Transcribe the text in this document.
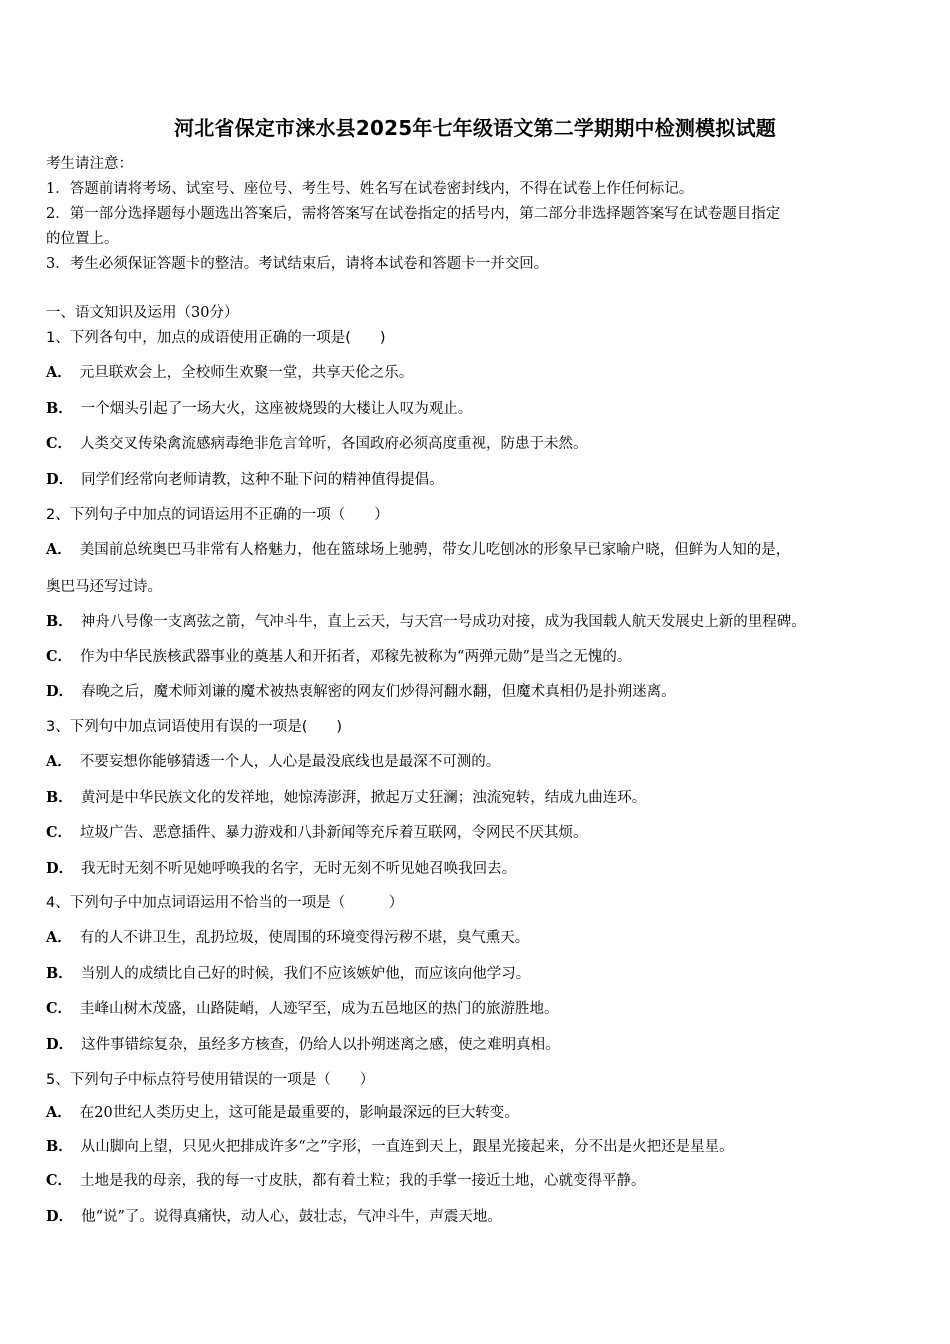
河北省保定市涞水县2025年七年级语文第二学期期中检测模拟试题
考生请注意：
1．答题前请将考场、试室号、座位号、考生号、姓名写在试卷密封线内，不得在试卷上作任何标记。
2．第一部分选择题每小题选出答案后，需将答案写在试卷指定的括号内，第二部分非选择题答案写在试卷题目指定
的位置上。
3．考生必须保证答题卡的整洁。考试结束后，请将本试卷和答题卡一并交回。
一、语文知识及运用（30分）
1、下列各句中，加点的成语使用正确的一项是(　　)
A． 元旦联欢会上，全校师生欢聚一堂，共享天伦之乐。
B． 一个烟头引起了一场大火，这座被烧毁的大楼让人叹为观止。
C． 人类交叉传染禽流感病毒绝非危言耸听，各国政府必须高度重视，防患于未然。
D． 同学们经常向老师请教，这种不耻下问的精神值得提倡。
2、下列句子中加点的词语运用不正确的一项（　　）
A． 美国前总统奥巴马非常有人格魅力，他在篮球场上驰骋，带女儿吃刨冰的形象早已家喻户晓，但鲜为人知的是，
奥巴马还写过诗。
B． 神舟八号像一支离弦之箭，气冲斗牛，直上云天，与天宫一号成功对接，成为我国载人航天发展史上新的里程碑。
C． 作为中华民族核武器事业的奠基人和开拓者，邓稼先被称为“两弹元勋”是当之无愧的。
D． 春晚之后，魔术师刘谦的魔术被热衷解密的网友们炒得河翻水翻，但魔术真相仍是扑朔迷离。
3、下列句中加点词语使用有误的一项是(　　)
A． 不要妄想你能够猜透一个人，人心是最没底线也是最深不可测的。
B． 黄河是中华民族文化的发祥地，她惊涛澎湃，掀起万丈狂澜；浊流宛转，结成九曲连环。
C． 垃圾广告、恶意插件、暴力游戏和八卦新闻等充斥着互联网，令网民不厌其烦。
D． 我无时无刻不听见她呼唤我的名字，无时无刻不听见她召唤我回去。
4、下列句子中加点词语运用不恰当的一项是（　　　）
A． 有的人不讲卫生，乱扔垃圾，使周围的环境变得污秽不堪，臭气熏天。
B． 当别人的成绩比自己好的时候，我们不应该嫉妒他，而应该向他学习。
C． 圭峰山树木茂盛，山路陡峭，人迹罕至，成为五邑地区的热门的旅游胜地。
D． 这件事错综复杂，虽经多方核查，仍给人以扑朔迷离之感，使之难明真相。
5、下列句子中标点符号使用错误的一项是（　　）
A． 在20世纪人类历史上，这可能是最重要的，影响最深远的巨大转变。
B． 从山脚向上望，只见火把排成许多“之”字形，一直连到天上，跟星光接起来，分不出是火把还是星星。
C． 土地是我的母亲，我的每一寸皮肤，都有着土粒；我的手掌一接近土地，心就变得平静。
D． 他“说”了。说得真痛快，动人心，鼓壮志，气冲斗牛，声震天地。
